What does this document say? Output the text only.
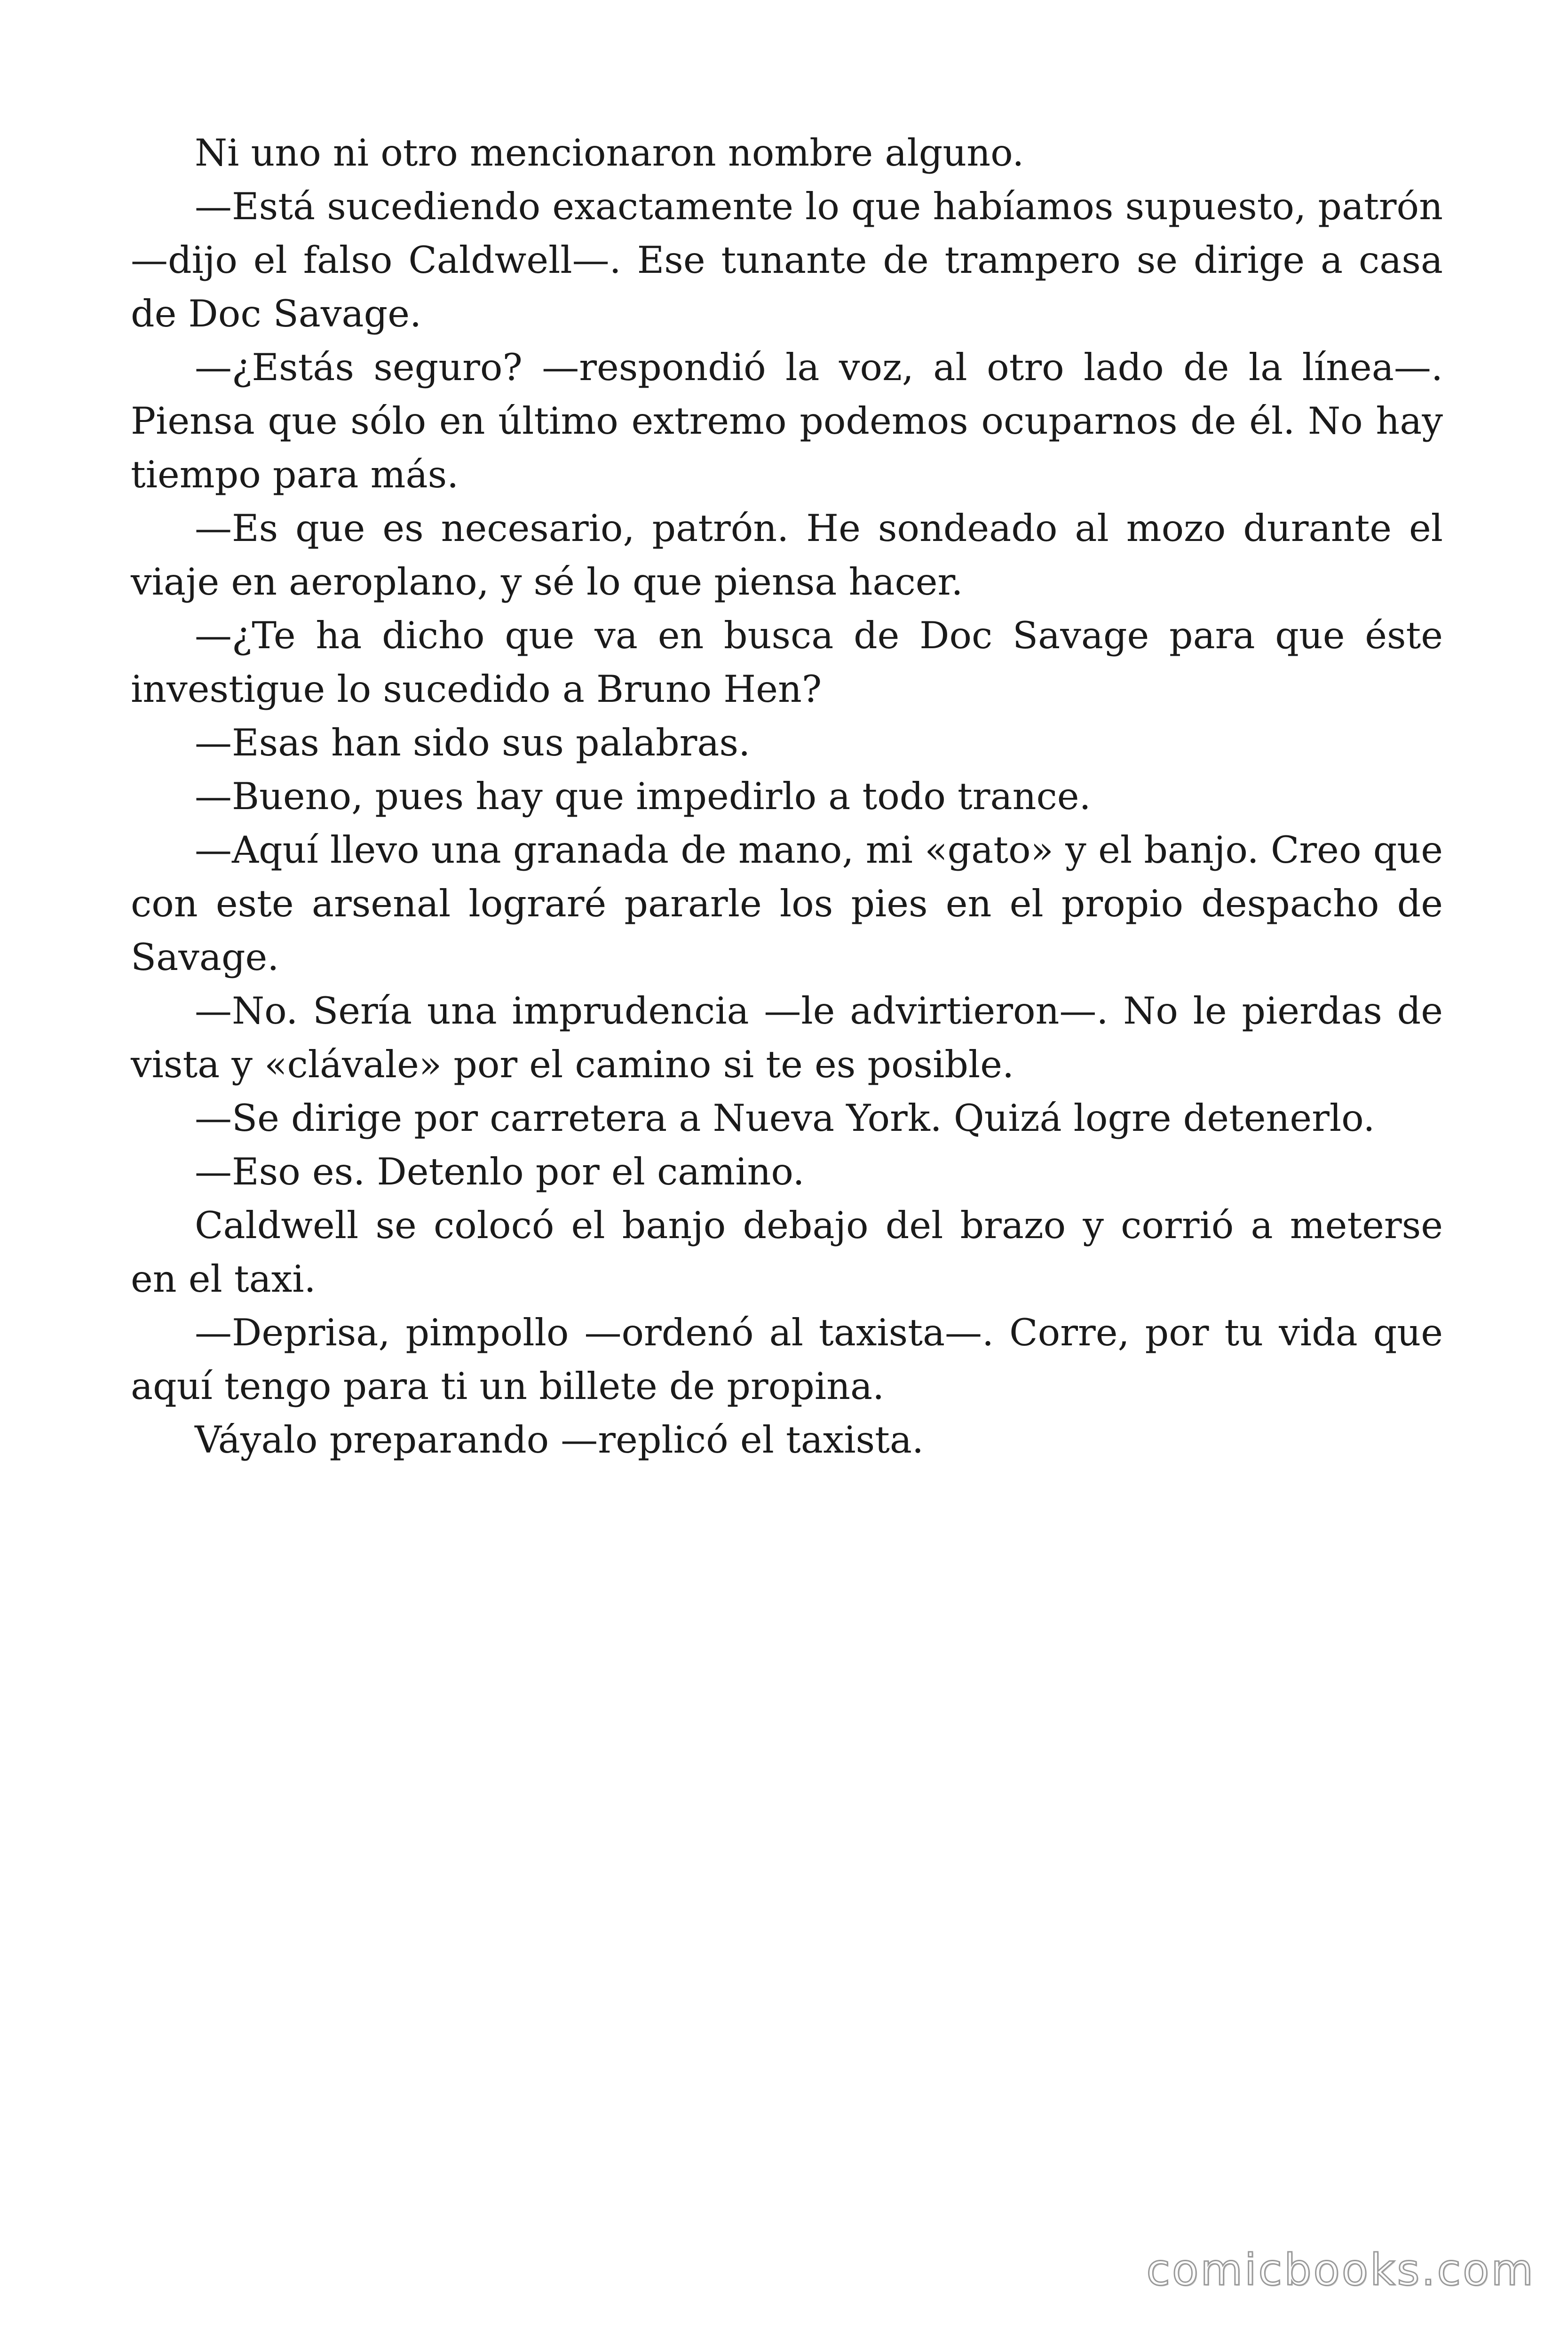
Ni uno ni otro mencionaron nombre alguno.

—Está sucediendo exactamente lo que habíamos supuesto, patrón —dijo el falso Caldwell—. Ese tunante de trampero se dirige a casa de Doc Savage.

—¿Estás seguro? —respondió la voz, al otro lado de la línea—. Piensa que sólo en último extremo podemos ocuparnos de él. No hay tiempo para más.

—Es que es necesario, patrón. He sondeado al mozo durante el viaje en aeroplano, y sé lo que piensa hacer.

—¿Te ha dicho que va en busca de Doc Savage para que éste investigue lo sucedido a Bruno Hen?

—Esas han sido sus palabras.

—Bueno, pues hay que impedirlo a todo trance.

—Aquí llevo una granada de mano, mi «gato» y el banjo. Creo que con este arsenal lograré pararle los pies en el propio despacho de Savage.

—No. Sería una imprudencia —le advirtieron—. No le pierdas de vista y «clávale» por el camino si te es posible.

—Se dirige por carretera a Nueva York. Quizá logre detenerlo.

—Eso es. Detenlo por el camino.

Caldwell se colocó el banjo debajo del brazo y corrió a meterse en el taxi.

—Deprisa, pimpollo —ordenó al taxista—. Corre, por tu vida que aquí tengo para ti un billete de propina.

Váyalo preparando —replicó el taxista.

comicbooks.com
